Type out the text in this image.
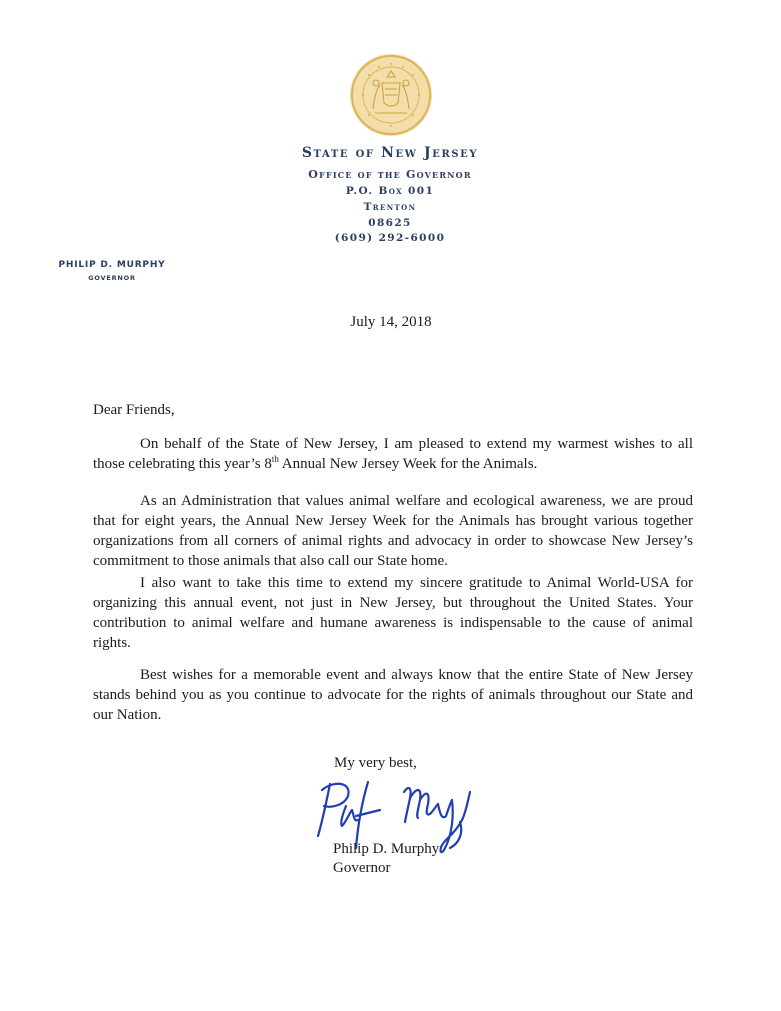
State of New Jersey
Office of the Governor
P.O. Box 001
Trenton
08625
(609) 292-6000
PHILIP D. MURPHY
GOVERNOR
July 14, 2018
Dear Friends,
On behalf of the State of New Jersey, I am pleased to extend my warmest wishes to all those celebrating this year’s 8th Annual New Jersey Week for the Animals.
As an Administration that values animal welfare and ecological awareness, we are proud that for eight years, the Annual New Jersey Week for the Animals has brought various together organizations from all corners of animal rights and advocacy in order to showcase New Jersey’s commitment to those animals that also call our State home.
I also want to take this time to extend my sincere gratitude to Animal World-USA for organizing this annual event, not just in New Jersey, but throughout the United States. Your contribution to animal welfare and humane awareness is indispensable to the cause of animal rights.
Best wishes for a memorable event and always know that the entire State of New Jersey stands behind you as you continue to advocate for the rights of animals throughout our State and our Nation.
My very best,
Philip D. Murphy
Governor
